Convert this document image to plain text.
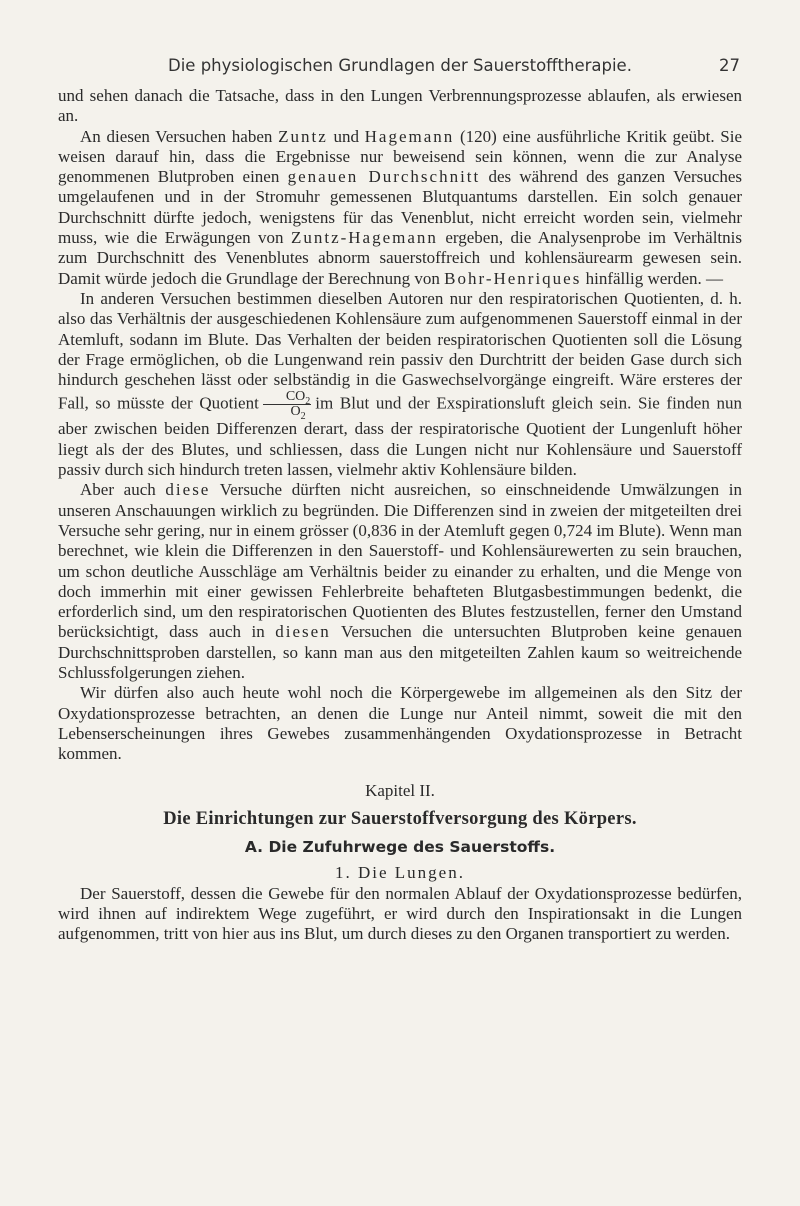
Die physiologischen Grundlagen der Sauerstofftherapie.	27

und sehen danach die Tatsache, dass in den Lungen Verbrennungsprozesse ablaufen, als erwiesen an.

An diesen Versuchen haben Zuntz und Hagemann (120) eine ausführliche Kritik geübt. Sie weisen darauf hin, dass die Ergebnisse nur beweisend sein können, wenn die zur Analyse genommenen Blutproben einen genauen Durchschnitt des während des ganzen Versuches umgelaufenen und in der Stromuhr gemessenen Blutquantums darstellen. Ein solch genauer Durchschnitt dürfte jedoch, wenigstens für das Venenblut, nicht erreicht worden sein, vielmehr muss, wie die Erwägungen von Zuntz-Hagemann ergeben, die Analysenprobe im Verhältnis zum Durchschnitt des Venenblutes abnorm sauerstoffreich und kohlensäurearm gewesen sein. Damit würde jedoch die Grundlage der Berechnung von Bohr-Henriques hinfällig werden. —

In anderen Versuchen bestimmen dieselben Autoren nur den respiratorischen Quotienten, d. h. also das Verhältnis der ausgeschiedenen Kohlensäure zum aufgenommenen Sauerstoff einmal in der Atemluft, sodann im Blute. Das Verhalten der beiden respiratorischen Quotienten soll die Lösung der Frage ermöglichen, ob die Lungenwand rein passiv den Durchtritt der beiden Gase durch sich hindurch geschehen lässt oder selbständig in die Gaswechselvorgänge eingreift. Wäre ersteres der Fall, so müsste der Quotient $\frac{CO_2}{O_2}$ im Blut und der Exspirationsluft gleich sein. Sie finden nun aber zwischen beiden Differenzen derart, dass der respiratorische Quotient der Lungenluft höher liegt als der des Blutes, und schliessen, dass die Lungen nicht nur Kohlensäure und Sauerstoff passiv durch sich hindurch treten lassen, vielmehr aktiv Kohlensäure bilden.

Aber auch diese Versuche dürften nicht ausreichen, so einschneidende Umwälzungen in unseren Anschauungen wirklich zu begründen. Die Differenzen sind in zweien der mitgeteilten drei Versuche sehr gering, nur in einem grösser (0,836 in der Atemluft gegen 0,724 im Blute). Wenn man berechnet, wie klein die Differenzen in den Sauerstoff- und Kohlensäurewerten zu sein brauchen, um schon deutliche Ausschläge am Verhältnis beider zu einander zu erhalten, und die Menge von doch immerhin mit einer gewissen Fehlerbreite behafteten Blutgasbestimmungen bedenkt, die erforderlich sind, um den respiratorischen Quotienten des Blutes festzustellen, ferner den Umstand berücksichtigt, dass auch in diesen Versuchen die untersuchten Blutproben keine genauen Durchschnittsproben darstellen, so kann man aus den mitgeteilten Zahlen kaum so weitreichende Schlussfolgerungen ziehen.

Wir dürfen also auch heute wohl noch die Körpergewebe im allgemeinen als den Sitz der Oxydationsprozesse betrachten, an denen die Lunge nur Anteil nimmt, soweit die mit den Lebenserscheinungen ihres Gewebes zusammenhängenden Oxydationsprozesse in Betracht kommen.

Kapitel II.
Die Einrichtungen zur Sauerstoffversorgung des Körpers.
A. Die Zufuhrwege des Sauerstoffs.
1. Die Lungen.

Der Sauerstoff, dessen die Gewebe für den normalen Ablauf der Oxydationsprozesse bedürfen, wird ihnen auf indirektem Wege zugeführt, er wird durch den Inspirationsakt in die Lungen aufgenommen, tritt von hier aus ins Blut, um durch dieses zu den Organen transportiert zu werden.
